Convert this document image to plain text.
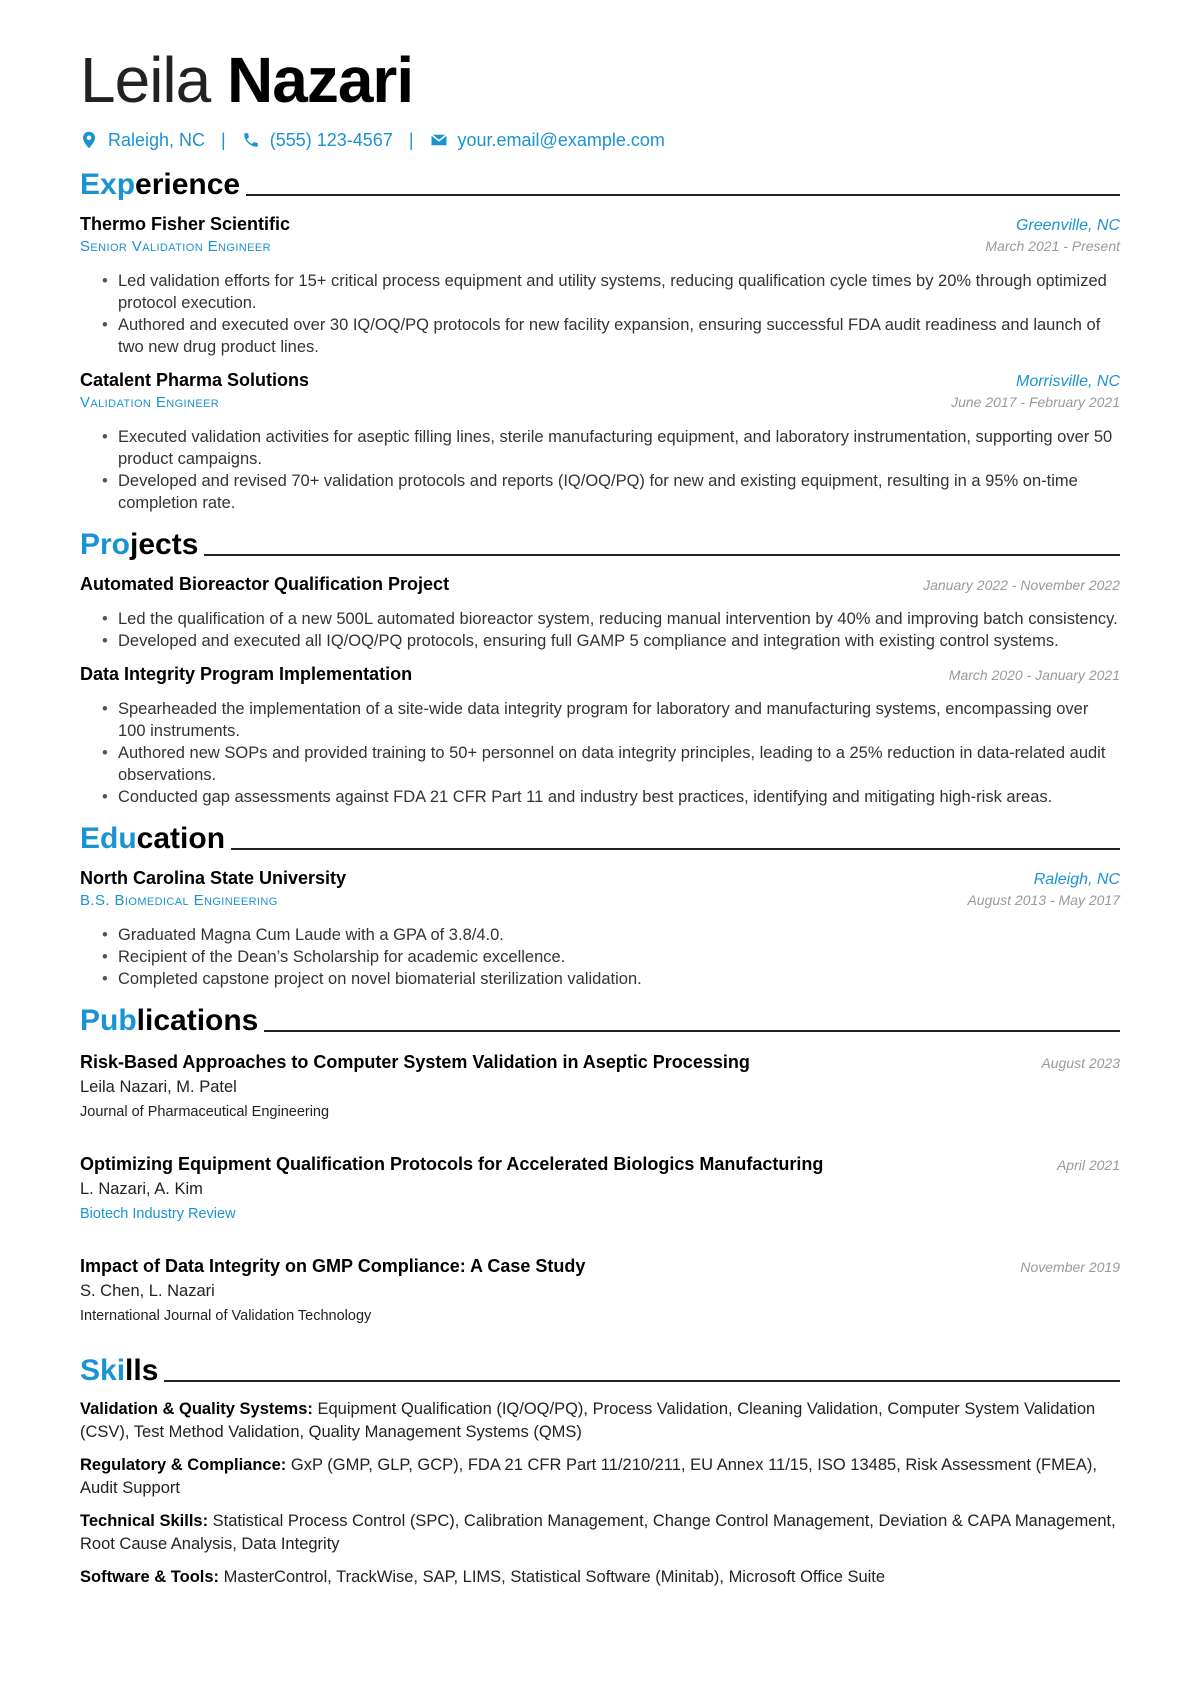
Leila Nazari
Raleigh, NC | (555) 123-4567 | your.email@example.com
Experience
Thermo Fisher Scientific	Greenville, NC
Senior Validation Engineer	March 2021 - Present
• Led validation efforts for 15+ critical process equipment and utility systems, reducing qualification cycle times by 20% through optimized protocol execution.
• Authored and executed over 30 IQ/OQ/PQ protocols for new facility expansion, ensuring successful FDA audit readiness and launch of two new drug product lines.
Catalent Pharma Solutions	Morrisville, NC
Validation Engineer	June 2017 - February 2021
• Executed validation activities for aseptic filling lines, sterile manufacturing equipment, and laboratory instrumentation, supporting over 50 product campaigns.
• Developed and revised 70+ validation protocols and reports (IQ/OQ/PQ) for new and existing equipment, resulting in a 95% on-time completion rate.
Projects
Automated Bioreactor Qualification Project	January 2022 - November 2022
• Led the qualification of a new 500L automated bioreactor system, reducing manual intervention by 40% and improving batch consistency.
• Developed and executed all IQ/OQ/PQ protocols, ensuring full GAMP 5 compliance and integration with existing control systems.
Data Integrity Program Implementation	March 2020 - January 2021
• Spearheaded the implementation of a site-wide data integrity program for laboratory and manufacturing systems, encompassing over 100 instruments.
• Authored new SOPs and provided training to 50+ personnel on data integrity principles, leading to a 25% reduction in data-related audit observations.
• Conducted gap assessments against FDA 21 CFR Part 11 and industry best practices, identifying and mitigating high-risk areas.
Education
North Carolina State University	Raleigh, NC
B.S. Biomedical Engineering	August 2013 - May 2017
• Graduated Magna Cum Laude with a GPA of 3.8/4.0.
• Recipient of the Dean’s Scholarship for academic excellence.
• Completed capstone project on novel biomaterial sterilization validation.
Publications
Risk-Based Approaches to Computer System Validation in Aseptic Processing	August 2023
Leila Nazari, M. Patel
Journal of Pharmaceutical Engineering
Optimizing Equipment Qualification Protocols for Accelerated Biologics Manufacturing	April 2021
L. Nazari, A. Kim
Biotech Industry Review
Impact of Data Integrity on GMP Compliance: A Case Study	November 2019
S. Chen, L. Nazari
International Journal of Validation Technology
Skills
Validation & Quality Systems: Equipment Qualification (IQ/OQ/PQ), Process Validation, Cleaning Validation, Computer System Validation (CSV), Test Method Validation, Quality Management Systems (QMS)
Regulatory & Compliance: GxP (GMP, GLP, GCP), FDA 21 CFR Part 11/210/211, EU Annex 11/15, ISO 13485, Risk Assessment (FMEA), Audit Support
Technical Skills: Statistical Process Control (SPC), Calibration Management, Change Control Management, Deviation & CAPA Management, Root Cause Analysis, Data Integrity
Software & Tools: MasterControl, TrackWise, SAP, LIMS, Statistical Software (Minitab), Microsoft Office Suite
